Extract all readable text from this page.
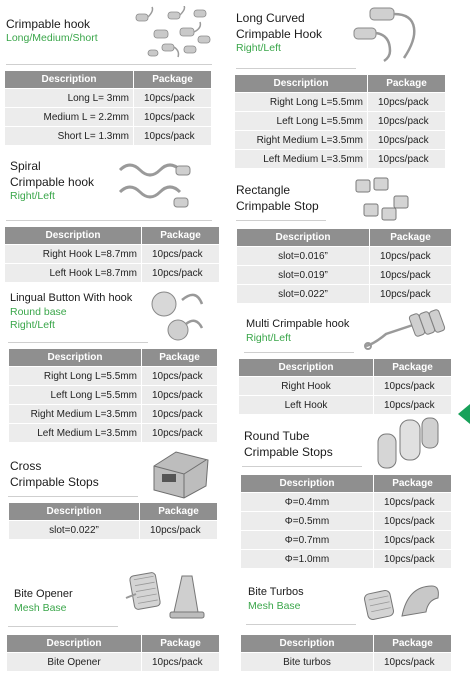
Crimpable hook
Long/Medium/Short
Description	Package
Long L= 3mm	10pcs/pack
Medium L = 2.2mm	10pcs/pack
Short L= 1.3mm	10pcs/pack
Long Curved
Crimpable Hook
Right/Left
Description	Package
Right Long L=5.5mm	10pcs/pack
Left Long L=5.5mm	10pcs/pack
Right Medium L=3.5mm	10pcs/pack
Left Medium L=3.5mm	10pcs/pack
Spiral
Crimpable hook
Right/Left
Description	Package
Right Hook L=8.7mm	10pcs/pack
Left Hook L=8.7mm	10pcs/pack
Rectangle
Crimpable Stop
Description	Package
slot=0.016”	10pcs/pack
slot=0.019”	10pcs/pack
slot=0.022”	10pcs/pack
Lingual Button With hook
Round base
Right/Left
Description	Package
Right Long L=5.5mm	10pcs/pack
Left Long L=5.5mm	10pcs/pack
Right Medium L=3.5mm	10pcs/pack
Left Medium L=3.5mm	10pcs/pack
Multi Crimpable hook
Right/Left
Description	Package
Right Hook	10pcs/pack
Left Hook	10pcs/pack
Cross
Crimpable Stops
Description	Package
slot=0.022”	10pcs/pack
Round Tube
Crimpable Stops
Description	Package
Φ=0.4mm	10pcs/pack
Φ=0.5mm	10pcs/pack
Φ=0.7mm	10pcs/pack
Φ=1.0mm	10pcs/pack
Bite Opener
Mesh Base
Description	Package
Bite Opener	10pcs/pack
Bite Turbos
Mesh Base
Description	Package
Bite turbos	10pcs/pack
